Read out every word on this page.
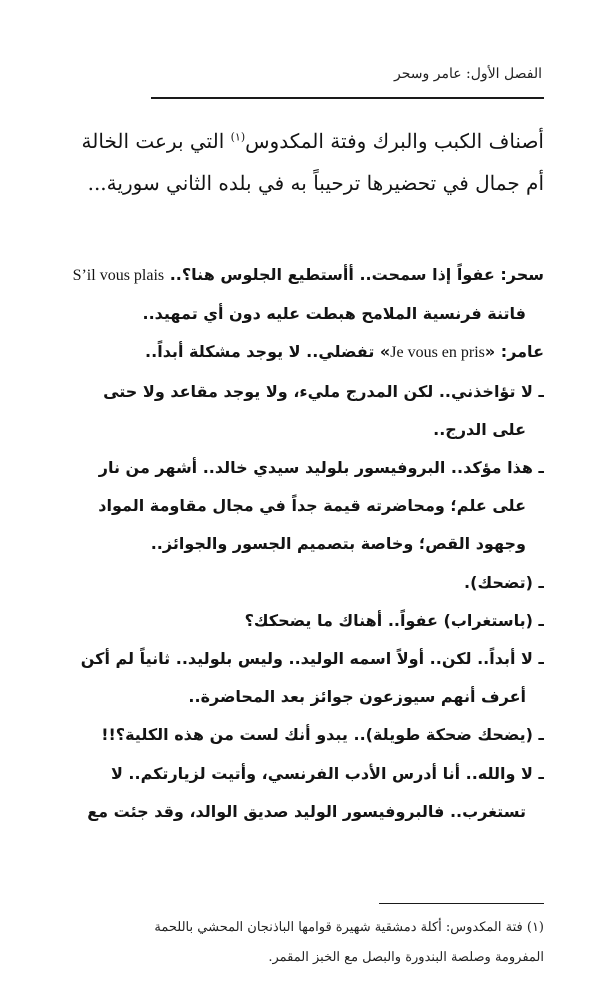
الفصل الأول: عامر وسحر
أصناف الكبب والبرك وفتة المكدوس$^{(١)}$ التي برعت الخالة
أم جمال في تحضيرها ترحيباً به في بلده الثاني سورية...
سحر: عفواً إذا سمحت.. أأستطيع الجلوس هنا؟.. S’il vous plais
فاتنة فرنسية الملامح هبطت عليه دون أي تمهيد..
عامر: «Je vous en pris» تفضلي.. لا يوجد مشكلة أبداً..
ـ لا تؤاخذني.. لكن المدرج مليء، ولا يوجد مقاعد ولا حتى
على الدرج..
ـ هذا مؤكد.. البروفيسور بلوليد سيدي خالد.. أشهر من نار
على علم؛ ومحاضرته قيمة جداً في مجال مقاومة المواد
وجهود القص؛ وخاصة بتصميم الجسور والجوائز..
ـ (تضحك).
ـ (باستغراب) عفواً.. أهناك ما يضحكك؟
ـ لا أبداً.. لكن.. أولاً اسمه الوليد.. وليس بلوليد.. ثانياً لم أكن
أعرف أنهم سيوزعون جوائز بعد المحاضرة..
ـ (يضحك ضحكة طويلة).. يبدو أنك لست من هذه الكلية؟!!
ـ لا والله.. أنا أدرس الأدب الفرنسي، وأتيت لزيارتكم.. لا
تستغرب.. فالبروفيسور الوليد صديق الوالد، وقد جئت مع
(١) فتة المكدوس: أكلة دمشقية شهيرة قوامها الباذنجان المحشي باللحمة
المفرومة وصلصة البندورة والبصل مع الخبز المقمر.
